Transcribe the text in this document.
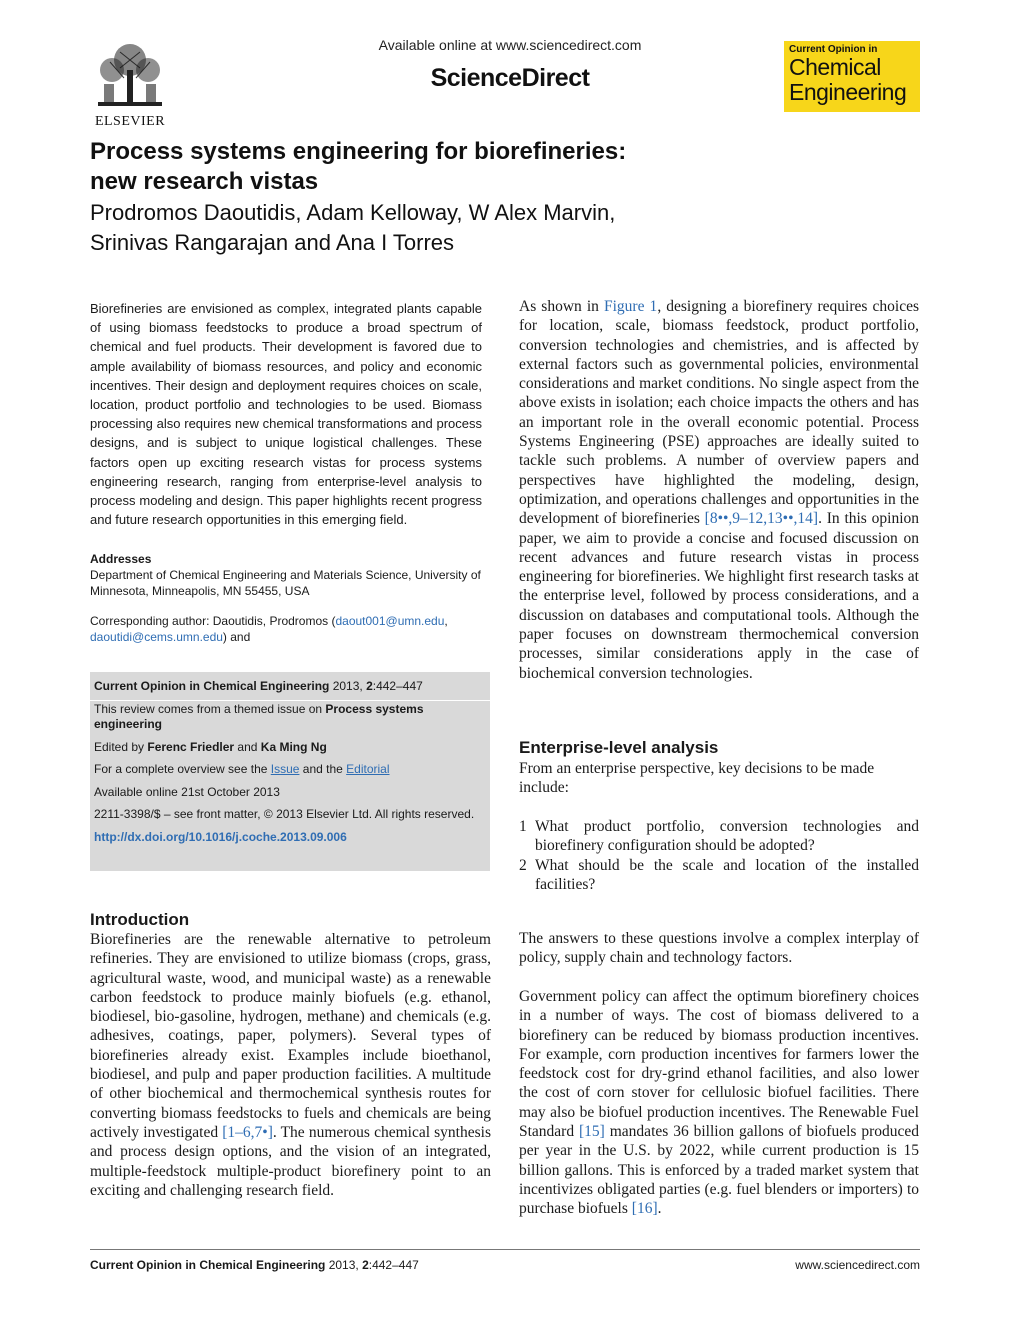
ELSEVIER
Available online at www.sciencedirect.com
ScienceDirect
Current Opinion in
Chemical
Engineering
Process systems engineering for biorefineries:
new research vistas
Prodromos Daoutidis, Adam Kelloway, W Alex Marvin,
Srinivas Rangarajan and Ana I Torres
Biorefineries are envisioned as complex, integrated plants capable of using biomass feedstocks to produce a broad spectrum of chemical and fuel products. Their development is favored due to ample availability of biomass resources, and policy and economic incentives. Their design and deployment requires choices on scale, location, product portfolio and technologies to be used. Biomass processing also requires new chemical transformations and process designs, and is subject to unique logistical challenges. These factors open up exciting research vistas for process systems engineering research, ranging from enterprise-level analysis to process modeling and design. This paper highlights recent progress and future research opportunities in this emerging field.
Addresses
Department of Chemical Engineering and Materials Science, University of Minnesota, Minneapolis, MN 55455, USA
Corresponding author: Daoutidis, Prodromos (daout001@umn.edu,
daoutidi@cems.umn.edu) and
Current Opinion in Chemical Engineering 2013, 2:442–447
This review comes from a themed issue on Process systems engineering
Edited by Ferenc Friedler and Ka Ming Ng
For a complete overview see the Issue and the Editorial
Available online 21st October 2013
2211-3398/$ – see front matter, © 2013 Elsevier Ltd. All rights reserved.
http://dx.doi.org/10.1016/j.coche.2013.09.006
Introduction
Biorefineries are the renewable alternative to petroleum refineries. They are envisioned to utilize biomass (crops, grass, agricultural waste, wood, and municipal waste) as a renewable carbon feedstock to produce mainly biofuels (e.g. ethanol, biodiesel, bio-gasoline, hydrogen, methane) and chemicals (e.g. adhesives, coatings, paper, polymers). Several types of biorefineries already exist. Examples include bioethanol, biodiesel, and pulp and paper production facilities. A multitude of other biochemical and thermochemical synthesis routes for converting biomass feedstocks to fuels and chemicals are being actively investigated [1–6,7•]. The numerous chemical synthesis and process design options, and the vision of an integrated, multiple-feedstock multiple-product biorefinery point to an exciting and challenging research field.
As shown in Figure 1, designing a biorefinery requires choices for location, scale, biomass feedstock, product portfolio, conversion technologies and chemistries, and is affected by external factors such as governmental policies, environmental considerations and market conditions. No single aspect from the above exists in isolation; each choice impacts the others and has an important role in the overall economic potential. Process Systems Engineering (PSE) approaches are ideally suited to tackle such problems. A number of overview papers and perspectives have highlighted the modeling, design, optimization, and operations challenges and opportunities in the development of biorefineries [8••,9–12,13••,14]. In this opinion paper, we aim to provide a concise and focused discussion on recent advances and future research vistas in process engineering for biorefineries. We highlight first research tasks at the enterprise level, followed by process considerations, and a discussion on databases and computational tools. Although the paper focuses on downstream thermochemical conversion processes, similar considerations apply in the case of biochemical conversion technologies.
Enterprise-level analysis
From an enterprise perspective, key decisions to be made include:
1 What product portfolio, conversion technologies and biorefinery configuration should be adopted?
2 What should be the scale and location of the installed facilities?
The answers to these questions involve a complex interplay of policy, supply chain and technology factors.
Government policy can affect the optimum biorefinery choices in a number of ways. The cost of biomass delivered to a biorefinery can be reduced by biomass production incentives. For example, corn production incentives for farmers lower the feedstock cost for dry-grind ethanol facilities, and also lower the cost of corn stover for cellulosic biofuel facilities. There may also be biofuel production incentives. The Renewable Fuel Standard [15] mandates 36 billion gallons of biofuels produced per year in the U.S. by 2022, while current production is 15 billion gallons. This is enforced by a traded market system that incentivizes obligated parties (e.g. fuel blenders or importers) to purchase biofuels [16].
Current Opinion in Chemical Engineering 2013, 2:442–447	www.sciencedirect.com
